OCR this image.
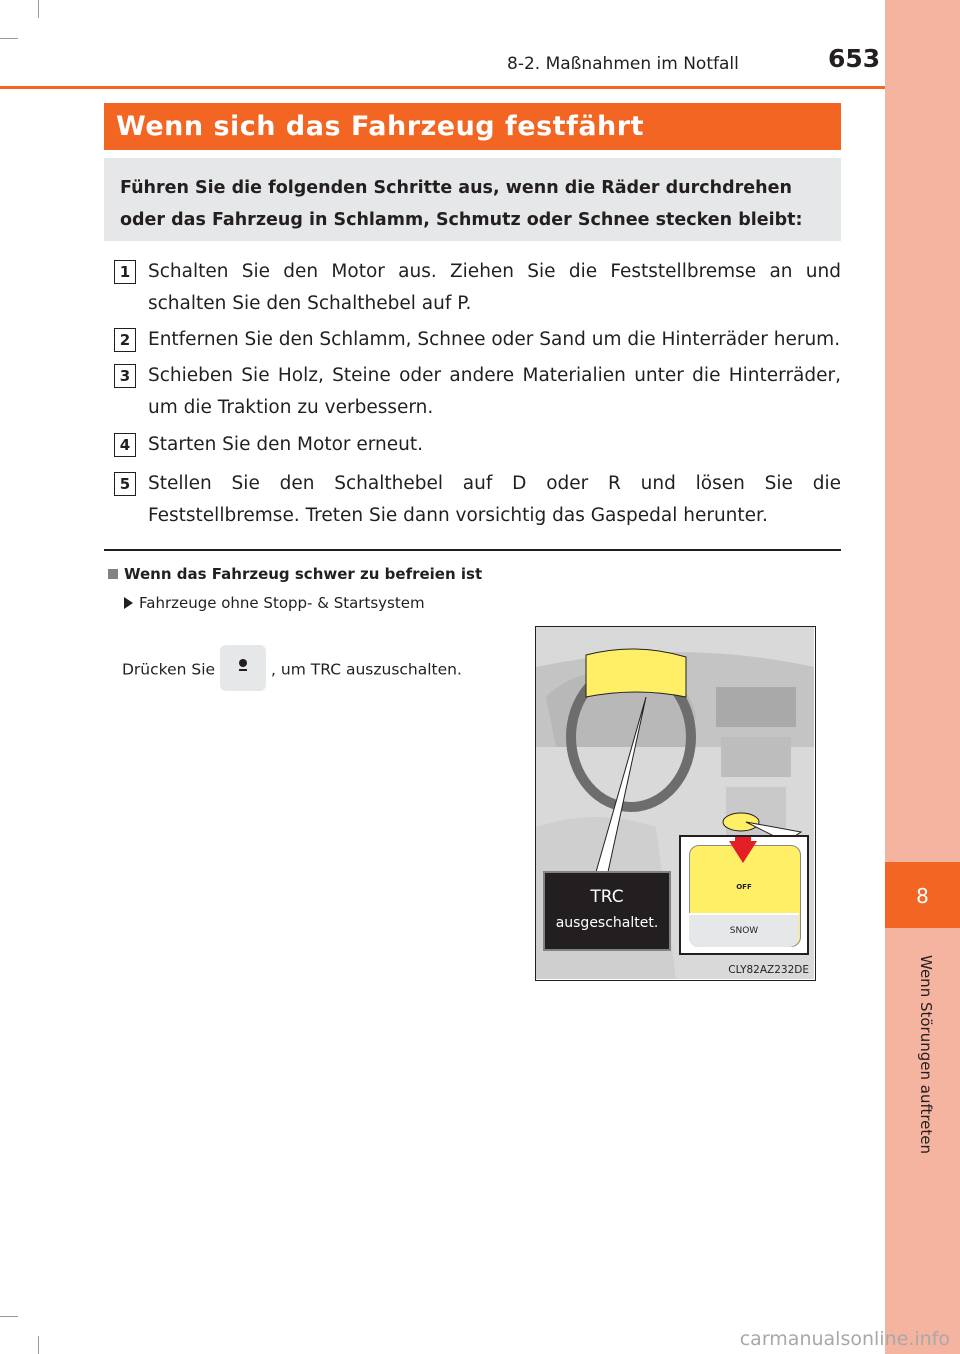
8
Wenn Störungen auftreten
8-2. Maßnahmen im Notfall	653
Wenn sich das Fahrzeug festfährt
Führen Sie die folgenden Schritte aus, wenn die Räder durchdrehen oder das Fahrzeug in Schlamm, Schmutz oder Schnee stecken bleibt:
1 Schalten Sie den Motor aus. Ziehen Sie die Feststellbremse an und schalten Sie den Schalthebel auf P.
2 Entfernen Sie den Schlamm, Schnee oder Sand um die Hinterräder herum.
3 Schieben Sie Holz, Steine oder andere Materialien unter die Hinterräder, um die Traktion zu verbessern.
4 Starten Sie den Motor erneut.
5 Stellen Sie den Schalthebel auf D oder R und lösen Sie die Feststellbremse. Treten Sie dann vorsichtig das Gaspedal herunter.
Wenn das Fahrzeug schwer zu befreien ist
Fahrzeuge ohne Stopp- & Startsystem
Drücken Sie	, um TRC auszuschalten.
TRC
ausgeschaltet.
OFF
SNOW
CLY82AZ232DE
carmanualsonline.info
